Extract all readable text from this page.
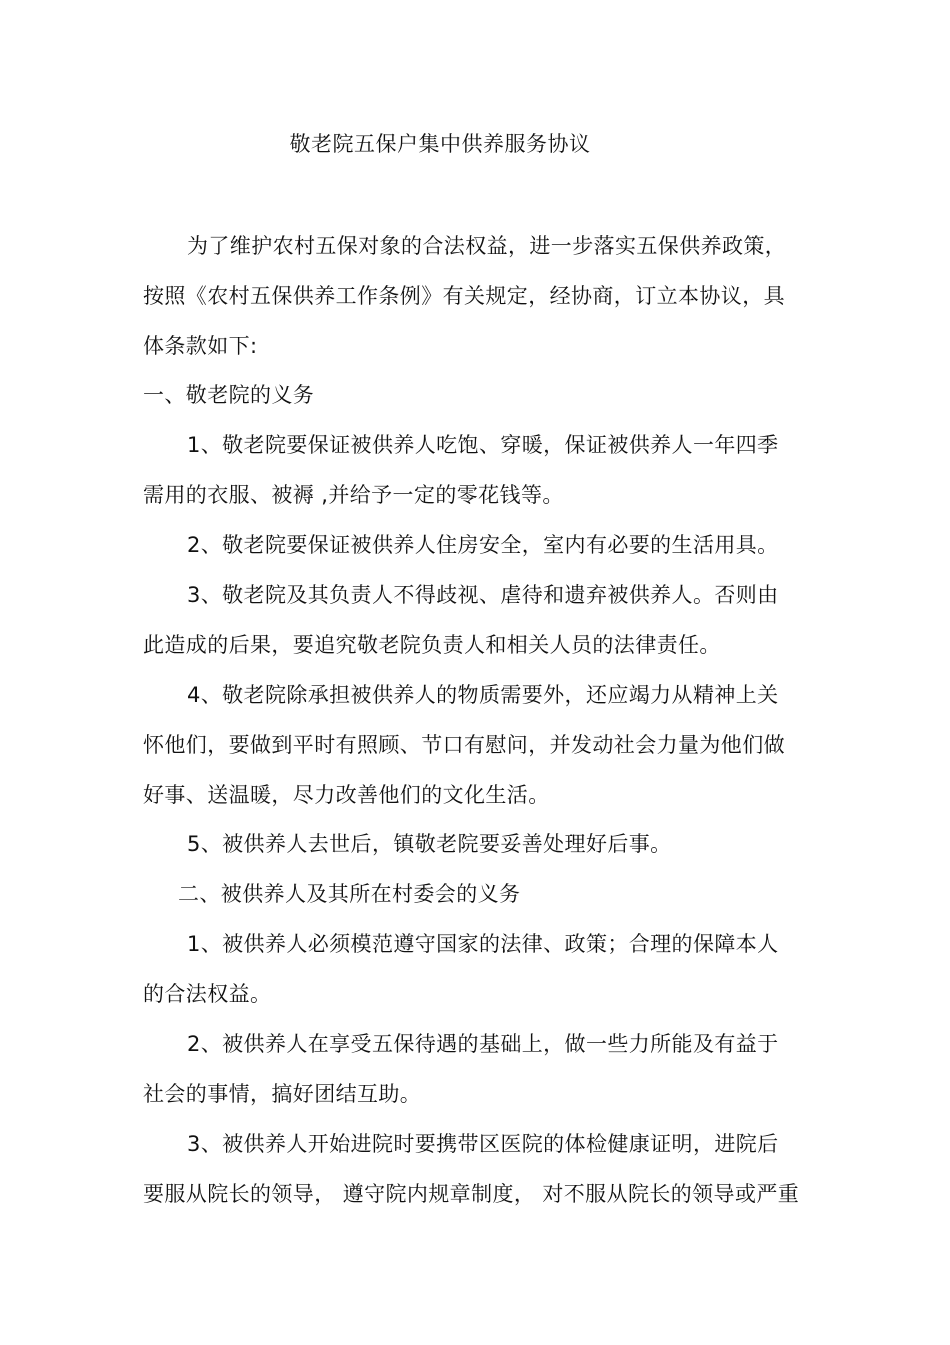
敬老院五保户集中供养服务协议
为了维护农村五保对象的合法权益，进一步落实五保供养政策，
按照《农村五保供养工作条例》有关规定，经协商，订立本协议，具
体条款如下:
一、敬老院的义务
1、敬老院要保证被供养人吃饱、穿暖，保证被供养人一年四季
需用的衣服、被褥 ,并给予一定的零花钱等。
2、敬老院要保证被供养人住房安全，室内有必要的生活用具。
3、敬老院及其负责人不得歧视、虐待和遗弃被供养人。否则由
此造成的后果，要追究敬老院负责人和相关人员的法律责任。
4、敬老院除承担被供养人的物质需要外，还应竭力从精神上关
怀他们，要做到平时有照顾、节口有慰问，并发动社会力量为他们做
好事、送温暖，尽力改善他们的文化生活。
5、被供养人去世后，镇敬老院要妥善处理好后事。
二、被供养人及其所在村委会的义务
1、被供养人必须模范遵守国家的法律、政策；合理的保障本人
的合法权益。
2、被供养人在享受五保待遇的基础上，做一些力所能及有益于
社会的事情，搞好团结互助。
3、被供养人开始进院时要携带区医院的体检健康证明，进院后
要服从院长的领导， 遵守院内规章制度， 对不服从院长的领导或严重
